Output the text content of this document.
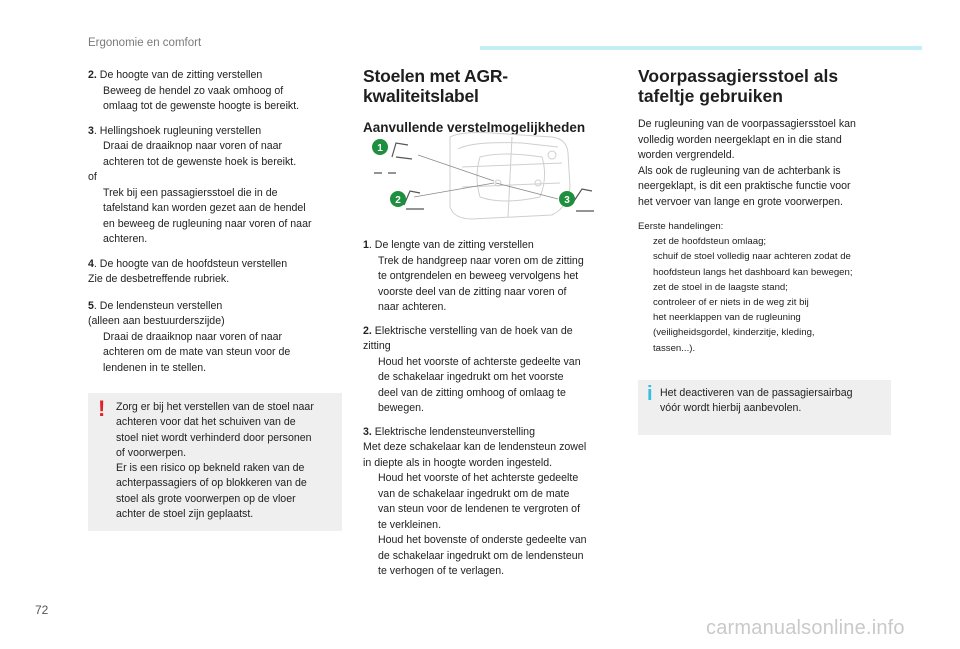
Ergonomie en comfort

2. De hoogte van de zitting verstellen

Beweeg de hendel zo vaak omhoog of
omlaag tot de gewenste hoogte is bereikt.

3. Hellingshoek rugleuning verstellen

Draai de draaiknop naar voren of naar
achteren tot de gewenste hoek is bereikt.
of
Trek bij een passagiersstoel die in de
tafelstand kan worden gezet aan de hendel
en beweeg de rugleuning naar voren of naar
achteren.

4. De hoogte van de hoofdsteun verstellen

Zie de desbetreffende rubriek.

5. De lendensteun verstellen

(alleen aan bestuurderszijde)
Draai de draaiknop naar voren of naar
achteren om de mate van steun voor de
lendenen in te stellen.
! Zorg er bij het verstellen van de stoel naar
achteren voor dat het schuiven van de
stoel niet wordt verhinderd door personen
of voorwerpen.
Er is een risico op bekneld raken van de
achterpassagiers of op blokkeren van de
stoel als grote voorwerpen op de vloer
achter de stoel zijn geplaatst.
Stoelen met AGR-kwaliteitslabel
Aanvullende verstelmogelijkheden
1
2	3

1. De lengte van de zitting verstellen

Trek de handgreep naar voren om de zitting
te ontgrendelen en beweeg vervolgens het
voorste deel van de zitting naar voren of
naar achteren.
2. Elektrische verstelling van de hoek van de
zitting
Houd het voorste of achterste gedeelte van
de schakelaar ingedrukt om het voorste
deel van de zitting omhoog of omlaag te
bewegen.
3. Elektrische lendensteunverstelling
Met deze schakelaar kan de lendensteun zowel
in diepte als in hoogte worden ingesteld.
Houd het voorste of het achterste gedeelte
van de schakelaar ingedrukt om de mate
van steun voor de lendenen te vergroten of
te verkleinen.
Houd het bovenste of onderste gedeelte van
de schakelaar ingedrukt om de lendensteun
te verhogen of te verlagen.
Voorpassagiersstoel als
tafeltje gebruiken
De rugleuning van de voorpassagiersstoel kan
volledig worden neergeklapt en in die stand
worden vergrendeld.
Als ook de rugleuning van de achterbank is
neergeklapt, is dit een praktische functie voor
het vervoer van lange en grote voorwerpen.
Eerste handelingen:
zet de hoofdsteun omlaag;
schuif de stoel volledig naar achteren zodat de
hoofdsteun langs het dashboard kan bewegen;
zet de stoel in de laagste stand;
controleer of er niets in de weg zit bij
het neerklappen van de rugleuning
(veiligheidsgordel, kinderzitje, kleding,
tassen...).
i Het deactiveren van de passagiersairbag
vóór wordt hierbij aanbevolen.
72
carmanualsonline.info
